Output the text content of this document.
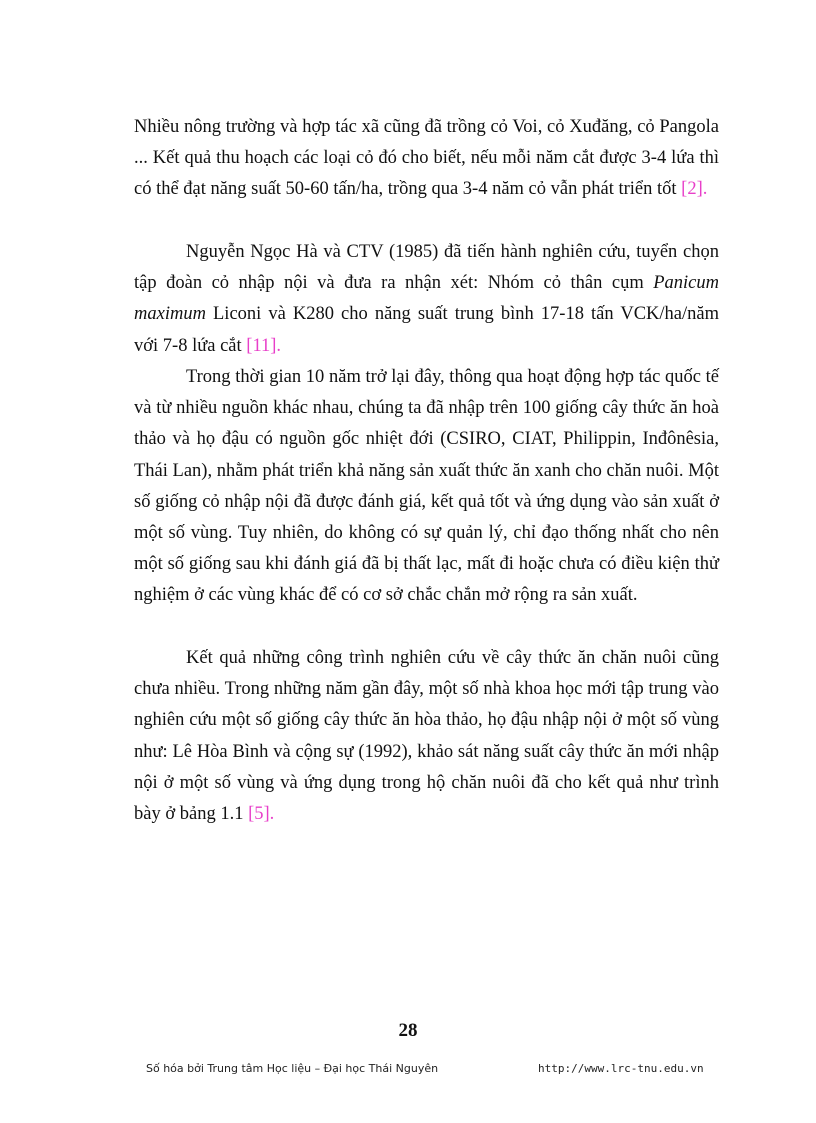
Nhiều nông trường và hợp tác xã cũng đã trồng cỏ Voi, cỏ Xuđăng, cỏ Pangola ... Kết quả thu hoạch các loại cỏ đó cho biết, nếu mỗi năm cắt được 3-4 lứa thì có thể đạt năng suất 50-60 tấn/ha, trồng qua 3-4 năm cỏ vẫn phát triển tốt [2].

Nguyễn Ngọc Hà và CTV (1985) đã tiến hành nghiên cứu, tuyển chọn tập đoàn cỏ nhập nội và đưa ra nhận xét: Nhóm cỏ thân cụm Panicum maximum Liconi và K280 cho năng suất trung bình 17-18 tấn VCK/ha/năm với 7-8 lứa cắt [11].

Trong thời gian 10 năm trở lại đây, thông qua hoạt động hợp tác quốc tế và từ nhiều nguồn khác nhau, chúng ta đã nhập trên 100 giống cây thức ăn hoà thảo và họ đậu có nguồn gốc nhiệt đới (CSIRO, CIAT, Philippin, Inđônêsia, Thái Lan), nhằm phát triển khả năng sản xuất thức ăn xanh cho chăn nuôi. Một số giống cỏ nhập nội đã được đánh giá, kết quả tốt và ứng dụng vào sản xuất ở một số vùng. Tuy nhiên, do không có sự quản lý, chỉ đạo thống nhất cho nên một số giống sau khi đánh giá đã bị thất lạc, mất đi hoặc chưa có điều kiện thử nghiệm ở các vùng khác để có cơ sở chắc chắn mở rộng ra sản xuất.

Kết quả những công trình nghiên cứu về cây thức ăn chăn nuôi cũng chưa nhiều. Trong những năm gần đây, một số nhà khoa học mới tập trung vào nghiên cứu một số giống cây thức ăn hòa thảo, họ đậu nhập nội ở một số vùng như: Lê Hòa Bình và cộng sự (1992), khảo sát năng suất cây thức ăn mới nhập nội ở một số vùng và ứng dụng trong hộ chăn nuôi đã cho kết quả như trình bày ở bảng 1.1 [5].

28
Số hóa bởi Trung tâm Học liệu – Đại học Thái Nguyên	http://www.lrc-tnu.edu.vn
